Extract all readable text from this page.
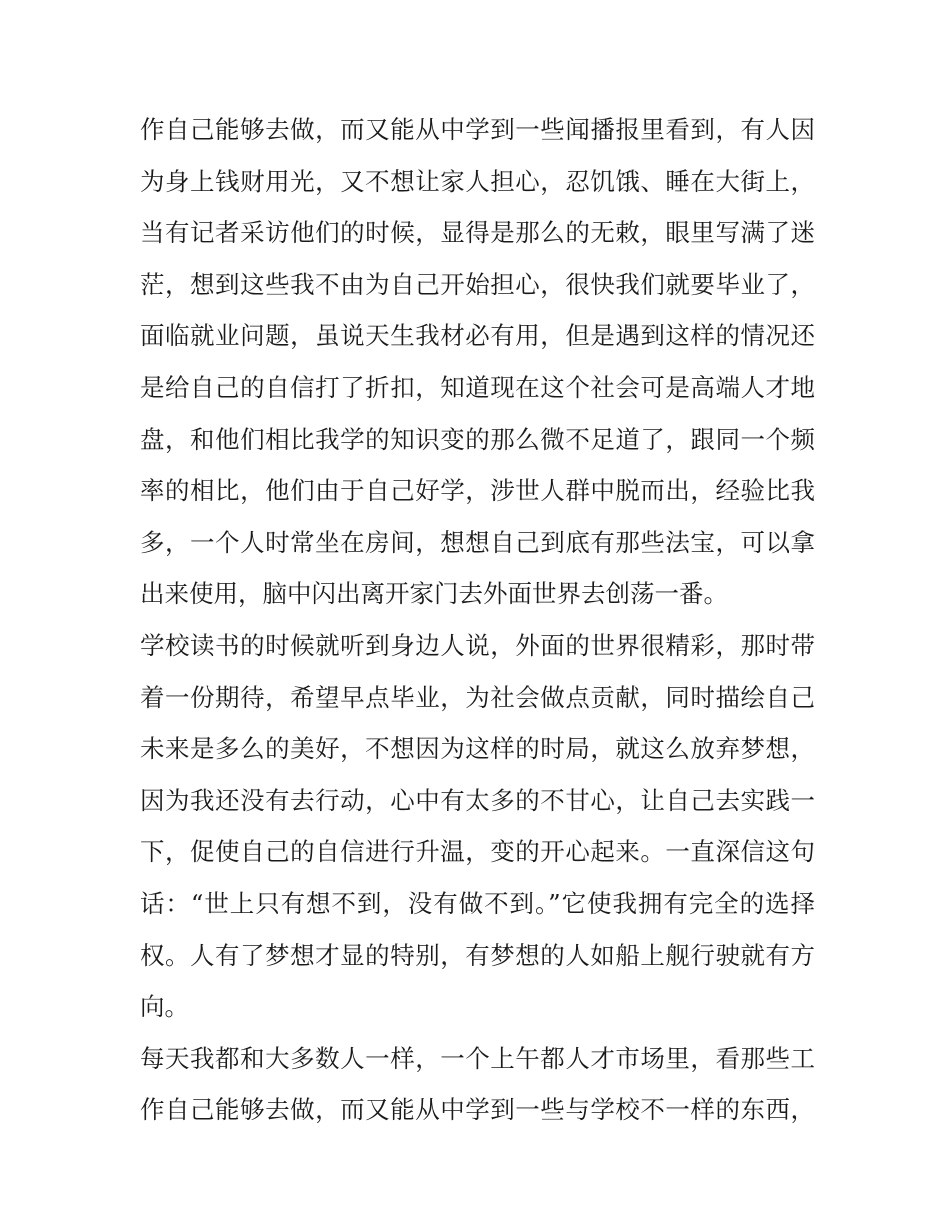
作自己能够去做，而又能从中学到一些闻播报里看到，有人因
为身上钱财用光，又不想让家人担心，忍饥饿、睡在大街上，
当有记者采访他们的时候，显得是那么的无敕，眼里写满了迷
茫，想到这些我不由为自己开始担心，很快我们就要毕业了，
面临就业问题，虽说天生我材必有用，但是遇到这样的情况还
是给自己的自信打了折扣，知道现在这个社会可是高端人才地
盘，和他们相比我学的知识变的那么微不足道了，跟同一个频
率的相比，他们由于自己好学，涉世人群中脱而出，经验比我
多，一个人时常坐在房间，想想自己到底有那些法宝，可以拿
出来使用，脑中闪出离开家门去外面世界去创荡一番。
学校读书的时候就听到身边人说，外面的世界很精彩，那时带
着一份期待，希望早点毕业，为社会做点贡献，同时描绘自己
未来是多么的美好，不想因为这样的时局，就这么放弃梦想，
因为我还没有去行动，心中有太多的不甘心，让自己去实践一
下，促使自己的自信进行升温，变的开心起来。一直深信这句
话：“世上只有想不到，没有做不到。”它使我拥有完全的选择
权。人有了梦想才显的特别，有梦想的人如船上舰行驶就有方
向。
每天我都和大多数人一样，一个上午都人才市场里，看那些工
作自己能够去做，而又能从中学到一些与学校不一样的东西，
